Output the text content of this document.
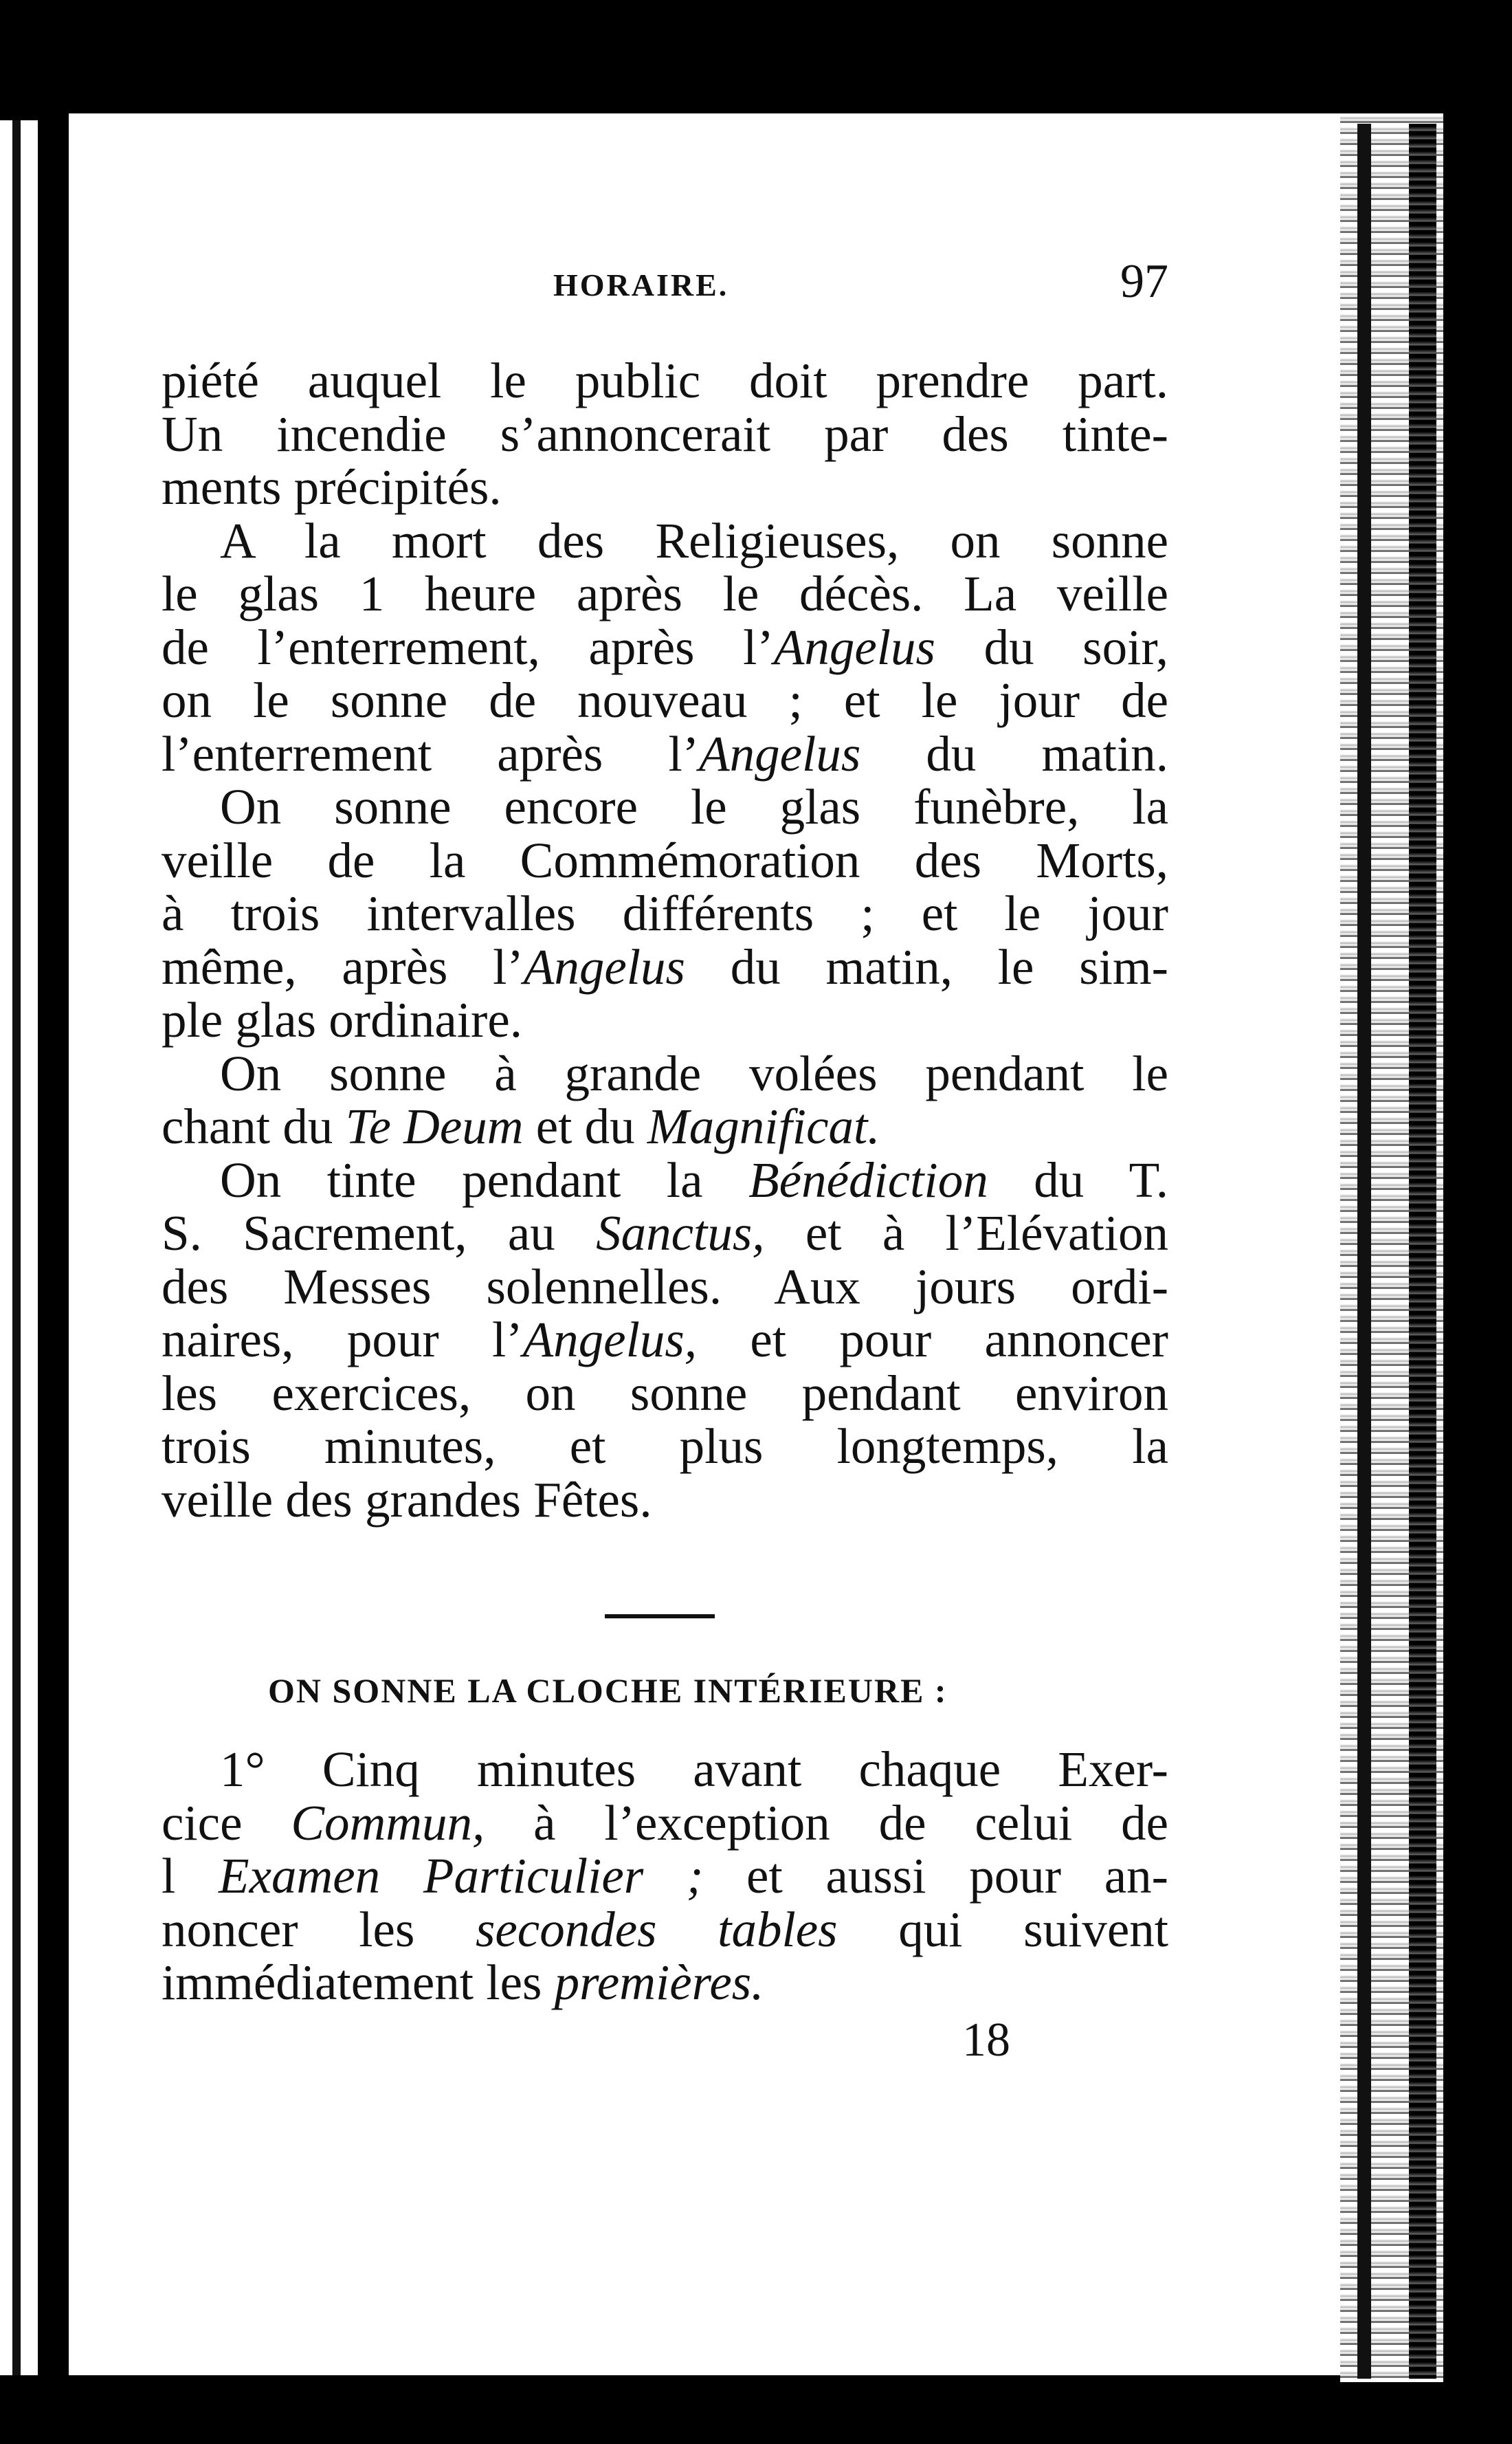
HORAIRE.	97
piété auquel le public doit prendre part.
Un incendie s’annoncerait par des tinte-
ments précipités.
A la mort des Religieuses, on sonne
le glas 1 heure après le décès. La veille
de l’enterrement, après l’Angelus du soir,
on le sonne de nouveau ; et le jour de
l’enterrement après l’Angelus du matin.
On sonne encore le glas funèbre, la
veille de la Commémoration des Morts,
à trois intervalles différents ; et le jour
même, après l’Angelus du matin, le sim-
ple glas ordinaire.
On sonne à grande volées pendant le
chant du Te Deum et du Magnificat.
On tinte pendant la Bénédiction du T.
S. Sacrement, au Sanctus, et à l’Elévation
des Messes solennelles. Aux jours ordi-
naires, pour l’Angelus, et pour annoncer
les exercices, on sonne pendant environ
trois minutes, et plus longtemps, la
veille des grandes Fêtes.
ON SONNE LA CLOCHE INTÉRIEURE :
1° Cinq minutes avant chaque Exer-
cice Commun, à l’exception de celui de
l Examen Particulier ; et aussi pour an-
noncer les secondes tables qui suivent
immédiatement les premières.
18
